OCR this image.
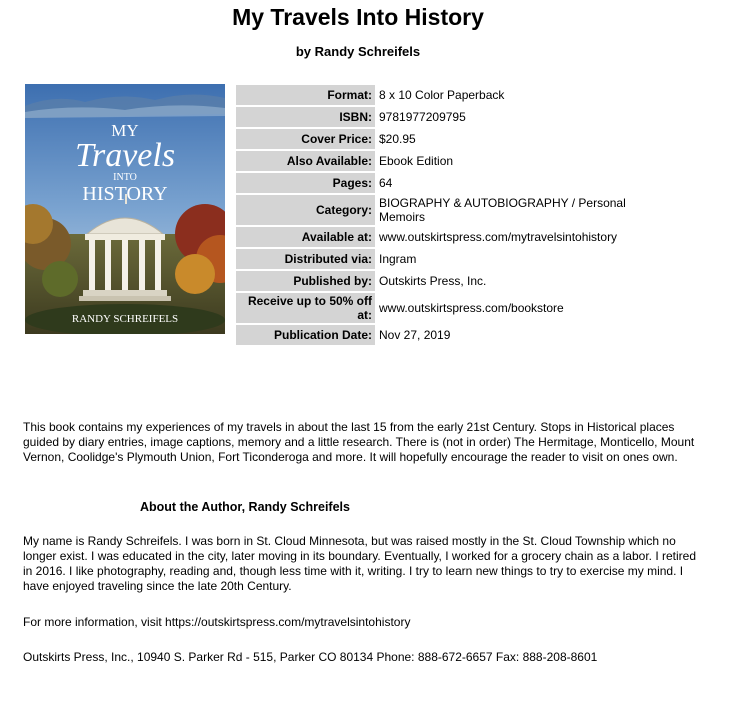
My Travels Into History
by Randy Schreifels
MY
Travels
INTO
HISTORY
RANDY SCHREIFELS
Format:	8 x 10 Color Paperback
ISBN:	9781977209795
Cover Price:	$20.95
Also Available:	Ebook Edition
Pages:	64
Category:	BIOGRAPHY & AUTOBIOGRAPHY / Personal Memoirs
Available at:	www.outskirtspress.com/mytravelsintohistory
Distributed via:	Ingram
Published by:	Outskirts Press, Inc.
Receive up to 50% off at:	www.outskirtspress.com/bookstore
Publication Date:	Nov 27, 2019
This book contains my experiences of my travels in about the last 15 from the early 21st Century. Stops in Historical places guided by diary entries, image captions, memory and a little research. There is (not in order) The Hermitage, Monticello, Mount Vernon, Coolidge's Plymouth Union, Fort Ticonderoga and more. It will hopefully encourage the reader to visit on ones own.
About the Author, Randy Schreifels
My name is Randy Schreifels. I was born in St. Cloud Minnesota, but was raised mostly in the St. Cloud Township which no longer exist. I was educated in the city, later moving in its boundary. Eventually, I worked for a grocery chain as a labor. I retired in 2016. I like photography, reading and, though less time with it, writing. I try to learn new things to try to exercise my mind. I have enjoyed traveling since the late 20th Century.
For more information, visit https://outskirtspress.com/mytravelsintohistory
Outskirts Press, Inc., 10940 S. Parker Rd - 515, Parker CO 80134 Phone: 888-672-6657 Fax: 888-208-8601
